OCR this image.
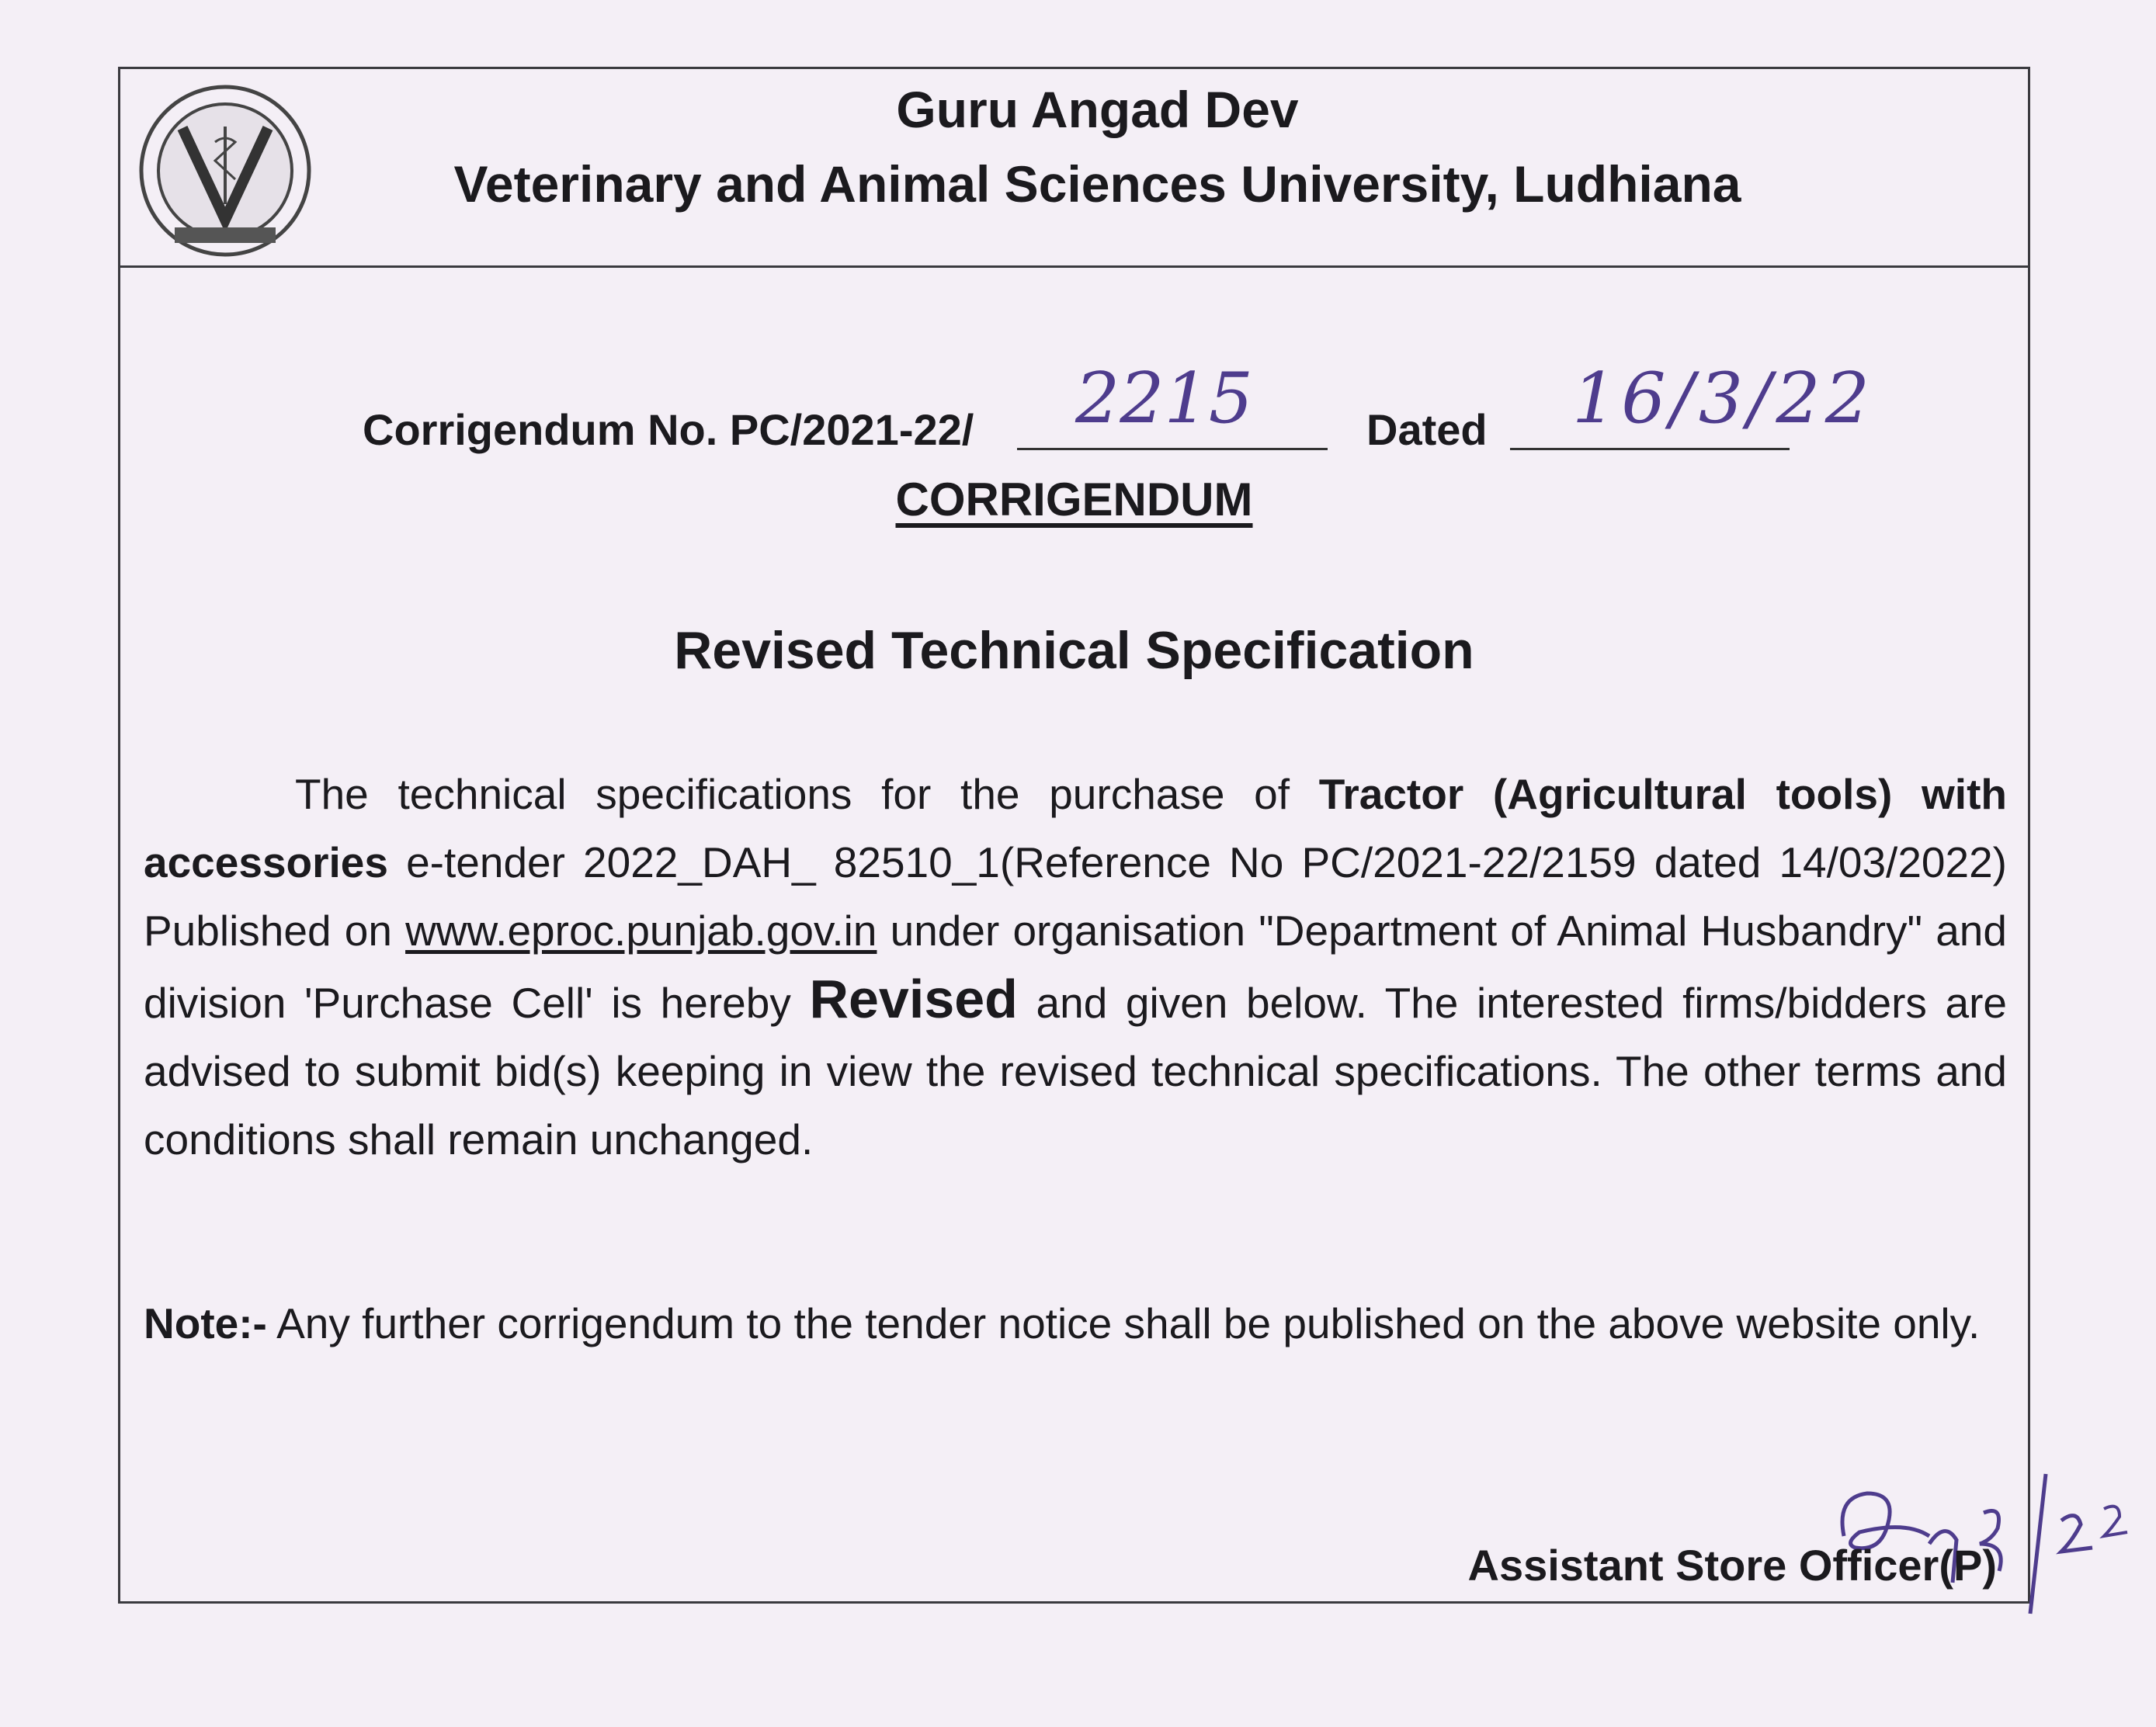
Guru Angad Dev
Veterinary and Animal Sciences University, Ludhiana
Corrigendum No. PC/2021-22/ 2215	Dated 16/3/22
CORRIGENDUM
Revised Technical Specification
The technical specifications for the purchase of Tractor (Agricultural tools) with accessories e-tender 2022_DAH_ 82510_1(Reference No PC/2021-22/2159 dated 14/03/2022) Published on www.eproc.punjab.gov.in under organisation "Department of Animal Husbandry" and division 'Purchase Cell' is hereby Revised and given below. The interested firms/bidders are advised to submit bid(s) keeping in view the revised technical specifications. The other terms and conditions shall remain unchanged.
Note:- Any further corrigendum to the tender notice shall be published on the above website only.
Assistant Store Officer(P)
